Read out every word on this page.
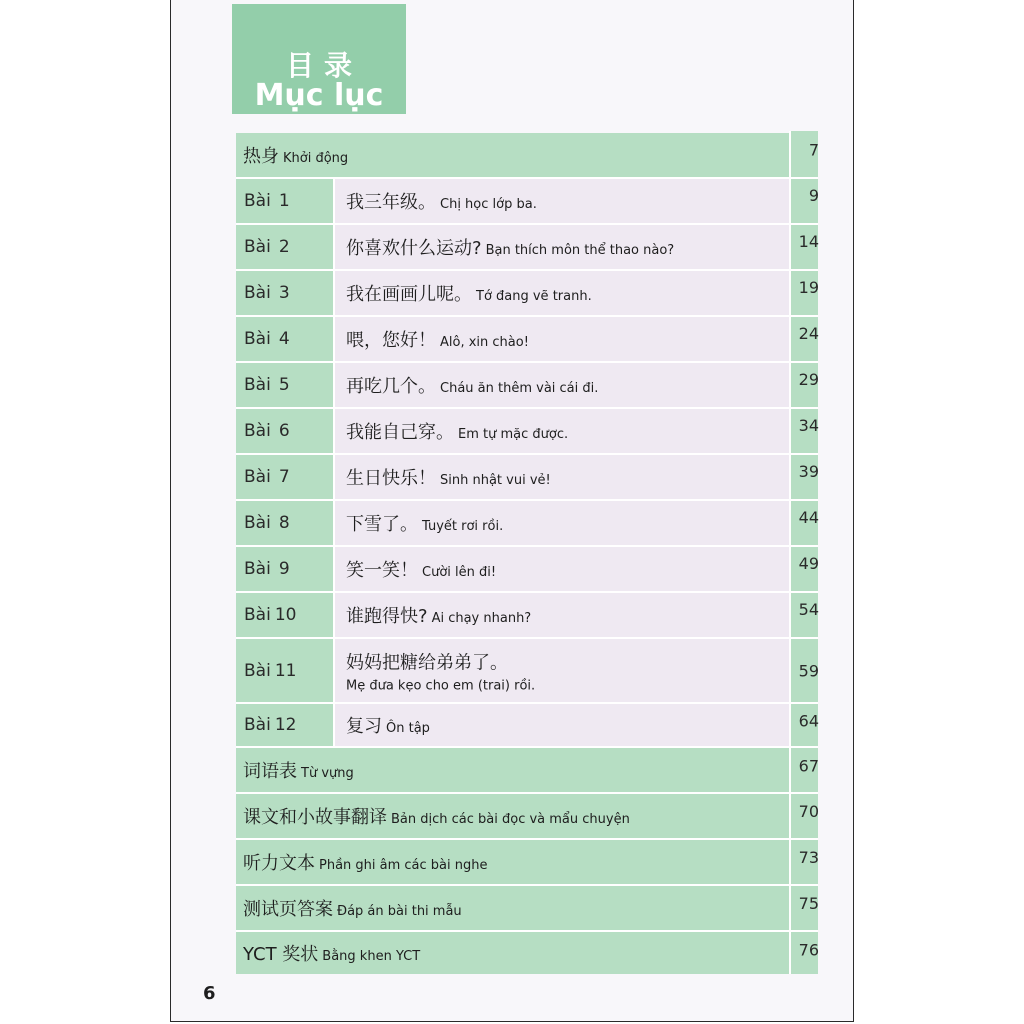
目录
Mục lục
热身 Khởi động	7
Bài 1	我三年级。 Chị học lớp ba.	9
Bài 2	你喜欢什么运动? Bạn thích môn thể thao nào?	14
Bài 3	我在画画儿呢。 Tớ đang vẽ tranh.	19
Bài 4	喂，您好！ Alô, xin chào!	24
Bài 5	再吃几个。 Cháu ăn thêm vài cái đi.	29
Bài 6	我能自己穿。 Em tự mặc được.	34
Bài 7	生日快乐！ Sinh nhật vui vẻ!	39
Bài 8	下雪了。 Tuyết rơi rồi.	44
Bài 9	笑一笑！ Cười lên đi!	49
Bài 10	谁跑得快? Ai chạy nhanh?	54
Bài 11	妈妈把糖给弟弟了。
Mẹ đưa kẹo cho em (trai) rồi.
59
Bài 12	复习 Ôn tập	64
词语表 Từ vựng	67
课文和小故事翻译 Bản dịch các bài đọc và mẩu chuyện	70
听力文本 Phần ghi âm các bài nghe	73
测试页答案 Đáp án bài thi mẫu	75
YCT 奖状 Bằng khen YCT	76
6
